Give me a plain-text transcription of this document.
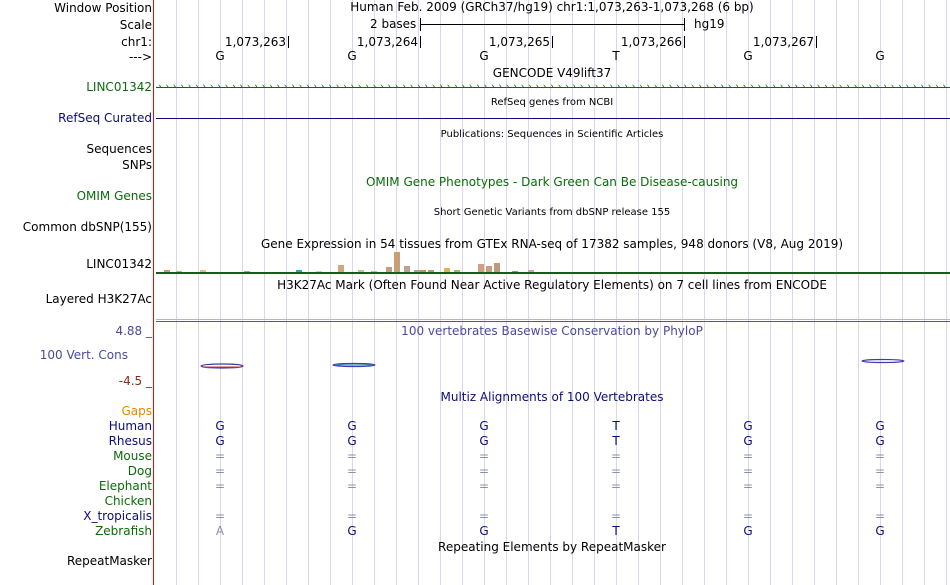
Window Position
Scale
chr1:
--->
Human Feb. 2009 (GRCh37/hg19) chr1:1,073,263-1,073,268 (6 bp)
2 bases	hg19
1,073,263	1,073,264	1,073,265	1,073,266	1,073,267
G	G	G	T	G	G
GENCODE V49lift37
LINC01342 › › › › › › › › › › › › › › › › › › › › › › › › › › › › › › › › › › › › › › › › › › › › › › › › › › › › › › › › › › › › › › › › › › › › › › › › › › › › › › › › › › › › › › › › › › › › › › › › › › › › › › › › › › ›
RefSeq genes from NCBI
RefSeq Curated
Publications: Sequences in Scientific Articles
Sequences
SNPs
OMIM Gene Phenotypes - Dark Green Can Be Disease-causing
OMIM Genes
Short Genetic Variants from dbSNP release 155
Common dbSNP(155)
Gene Expression in 54 tissues from GTEx RNA-seq of 17382 samples, 948 donors (V8, Aug 2019)
LINC01342
H3K27Ac Mark (Often Found Near Active Regulatory Elements) on 7 cell lines from ENCODE
Layered H3K27Ac
100 vertebrates Basewise Conservation by PhyloP
4.88 _
100 Vert. Cons
-4.5 _
Multiz Alignments of 100 Vertebrates
Gaps
Human	G	G	G	T	G	G
Rhesus	G	G	G	T	G	G
Mouse	=	=	=	=	=	=
Dog	=	=	=	=	=	=
Elephant	=	=	=	=	=	=
Chicken
X_tropicalis	=	=	=	=	=	=
Zebrafish	A	G	G	T	G	G
Repeating Elements by RepeatMasker
RepeatMasker
